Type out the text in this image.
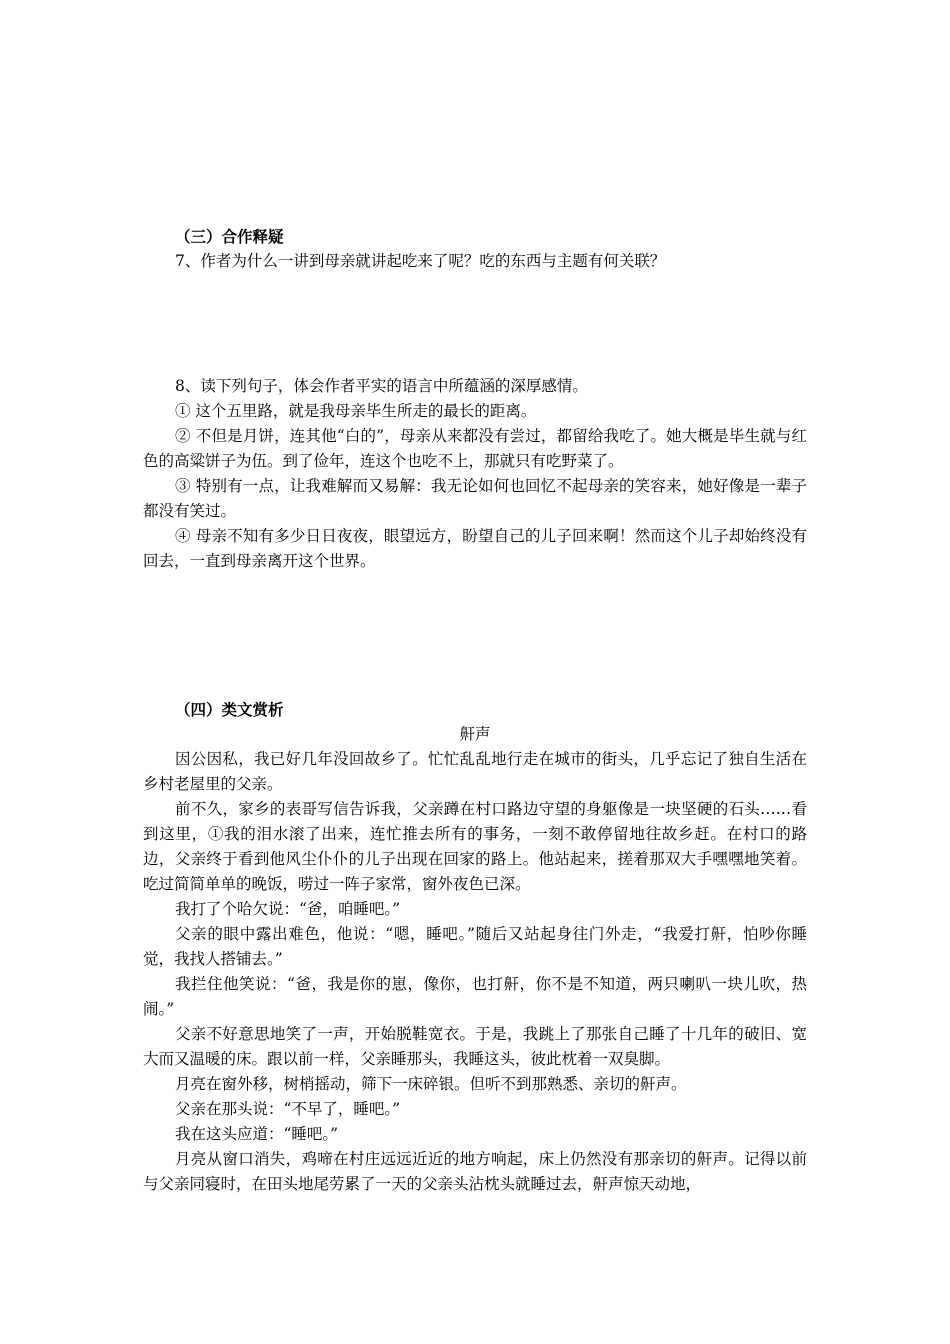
（三）合作释疑

7、作者为什么一讲到母亲就讲起吃来了呢？吃的东西与主题有何关联？

8、读下列句子，体会作者平实的语言中所蕴涵的深厚感情。

① 这个五里路，就是我母亲毕生所走的最长的距离。

② 不但是月饼，连其他“白的”，母亲从来都没有尝过，都留给我吃了。她大概是毕生就与红色的高粱饼子为伍。到了俭年，连这个也吃不上，那就只有吃野菜了。

③ 特别有一点，让我难解而又易解：我无论如何也回忆不起母亲的笑容来，她好像是一辈子都没有笑过。

④ 母亲不知有多少日日夜夜，眼望远方，盼望自己的儿子回来啊！然而这个儿子却始终没有回去，一直到母亲离开这个世界。

（四）类文赏析

鼾声

因公因私，我已好几年没回故乡了。忙忙乱乱地行走在城市的街头，几乎忘记了独自生活在乡村老屋里的父亲。

前不久，家乡的表哥写信告诉我，父亲蹲在村口路边守望的身躯像是一块坚硬的石头……看到这里，①我的泪水滚了出来，连忙推去所有的事务，一刻不敢停留地往故乡赶。在村口的路边，父亲终于看到他风尘仆仆的儿子出现在回家的路上。他站起来，搓着那双大手嘿嘿地笑着。吃过简简单单的晚饭，唠过一阵子家常，窗外夜色已深。

我打了个哈欠说：“爸，咱睡吧。”

父亲的眼中露出难色，他说：“嗯，睡吧。”随后又站起身往门外走，“我爱打鼾，怕吵你睡觉，我找人搭铺去。”

我拦住他笑说：“爸，我是你的崽，像你，也打鼾，你不是不知道，两只喇叭一块儿吹，热闹。”

父亲不好意思地笑了一声，开始脱鞋宽衣。于是，我跳上了那张自己睡了十几年的破旧、宽大而又温暖的床。跟以前一样，父亲睡那头，我睡这头，彼此枕着一双臭脚。

月亮在窗外移，树梢摇动，筛下一床碎银。但听不到那熟悉、亲切的鼾声。

父亲在那头说：“不早了，睡吧。”

我在这头应道：“睡吧。”

月亮从窗口消失，鸡啼在村庄远远近近的地方响起，床上仍然没有那亲切的鼾声。记得以前与父亲同寝时，在田头地尾劳累了一天的父亲头沾枕头就睡过去，鼾声惊天动地，
